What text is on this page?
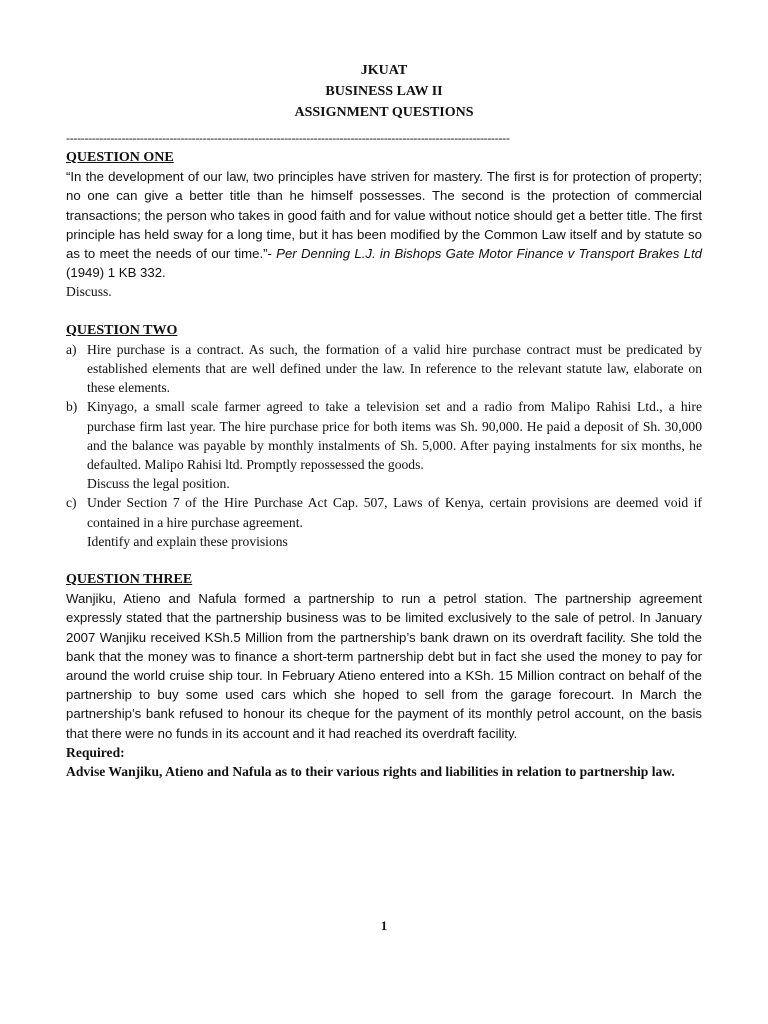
JKUAT
BUSINESS LAW II
ASSIGNMENT QUESTIONS
------------------------------------------------------------------------------------------------------------------------

QUESTION ONE

“In the development of our law, two principles have striven for mastery. The first is for protection of property; no one can give a better title than he himself possesses. The second is the protection of commercial transactions; the person who takes in good faith and for value without notice should get a better title. The first principle has held sway for a long time, but it has been modified by the Common Law itself and by statute so as to meet the needs of our time.”- Per Denning L.J. in Bishops Gate Motor Finance v Transport Brakes Ltd (1949) 1 KB 332.

Discuss.

QUESTION TWO

a) Hire purchase is a contract. As such, the formation of a valid hire purchase contract must be predicated by established elements that are well defined under the law. In reference to the relevant statute law, elaborate on these elements.
b) Kinyago, a small scale farmer agreed to take a television set and a radio from Malipo Rahisi Ltd., a hire purchase firm last year. The hire purchase price for both items was Sh. 90,000. He paid a deposit of Sh. 30,000 and the balance was payable by monthly instalments of Sh. 5,000. After paying instalments for six months, he defaulted. Malipo Rahisi ltd. Promptly repossessed the goods.

Discuss the legal position.

c) Under Section 7 of the Hire Purchase Act Cap. 507, Laws of Kenya, certain provisions are deemed void if contained in a hire purchase agreement.

Identify and explain these provisions

QUESTION THREE

Wanjiku, Atieno and Nafula formed a partnership to run a petrol station. The partnership agreement expressly stated that the partnership business was to be limited exclusively to the sale of petrol. In January 2007 Wanjiku received KSh.5 Million from the partnership’s bank drawn on its overdraft facility. She told the bank that the money was to finance a short-term partnership debt but in fact she used the money to pay for around the world cruise ship tour. In February Atieno entered into a KSh. 15 Million contract on behalf of the partnership to buy some used cars which she hoped to sell from the garage forecourt. In March the partnership’s bank refused to honour its cheque for the payment of its monthly petrol account, on the basis that there were no funds in its account and it had reached its overdraft facility.

Required:

Advise Wanjiku, Atieno and Nafula as to their various rights and liabilities in relation to partnership law.

1
